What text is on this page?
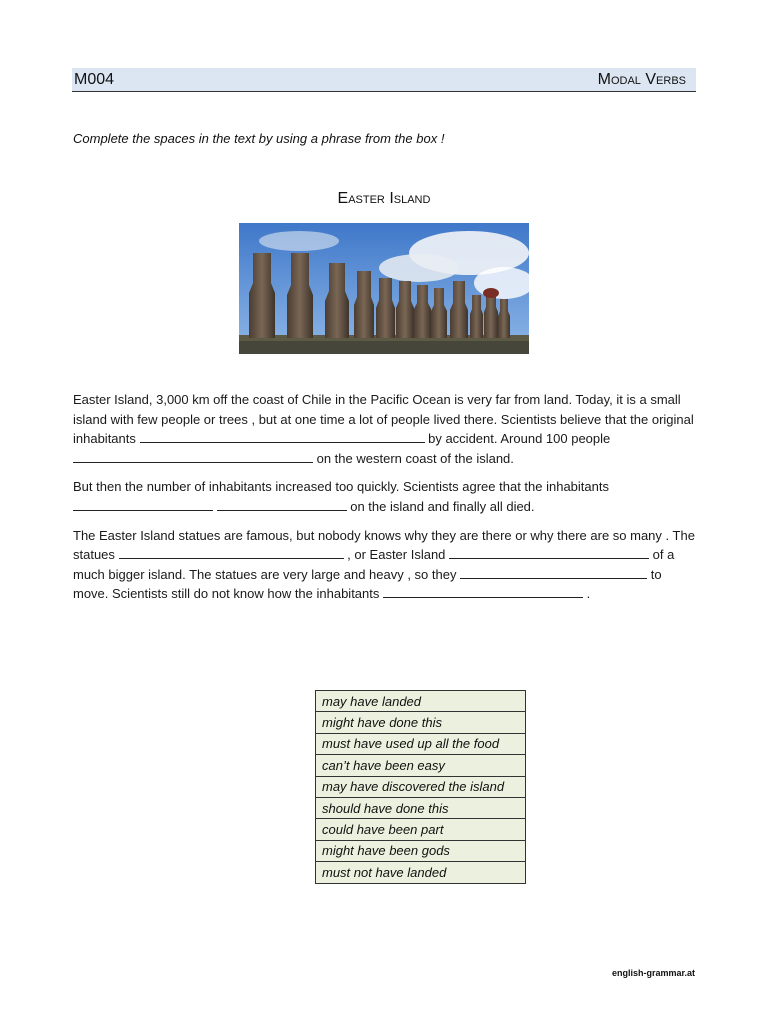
M004	Modal Verbs
Complete the spaces in the text by using a phrase from the box !
Easter Island

Easter Island, 3,000 km off the coast of Chile in the Pacific Ocean is very far from land. Today, it is a small island with few people or trees , but at one time a lot of people lived there. Scientists believe that the original inhabitants	by accident. Around 100 people  on the western coast of the island.

But then the number of inhabitants increased too quickly. Scientists agree that the inhabitants   on the island and finally all died.

The Easter Island statues are famous, but nobody knows why they are there or why there are so many . The statues	, or Easter Island	of a much bigger island. The statues are very large and heavy , so they	to move. Scientists still do not know how the inhabitants	.

may have landed
might have done this
must have used up all the food
can’t have been easy
may have discovered the island
should have done this
could have been part
might have been gods
must not have landed
english-grammar.at
